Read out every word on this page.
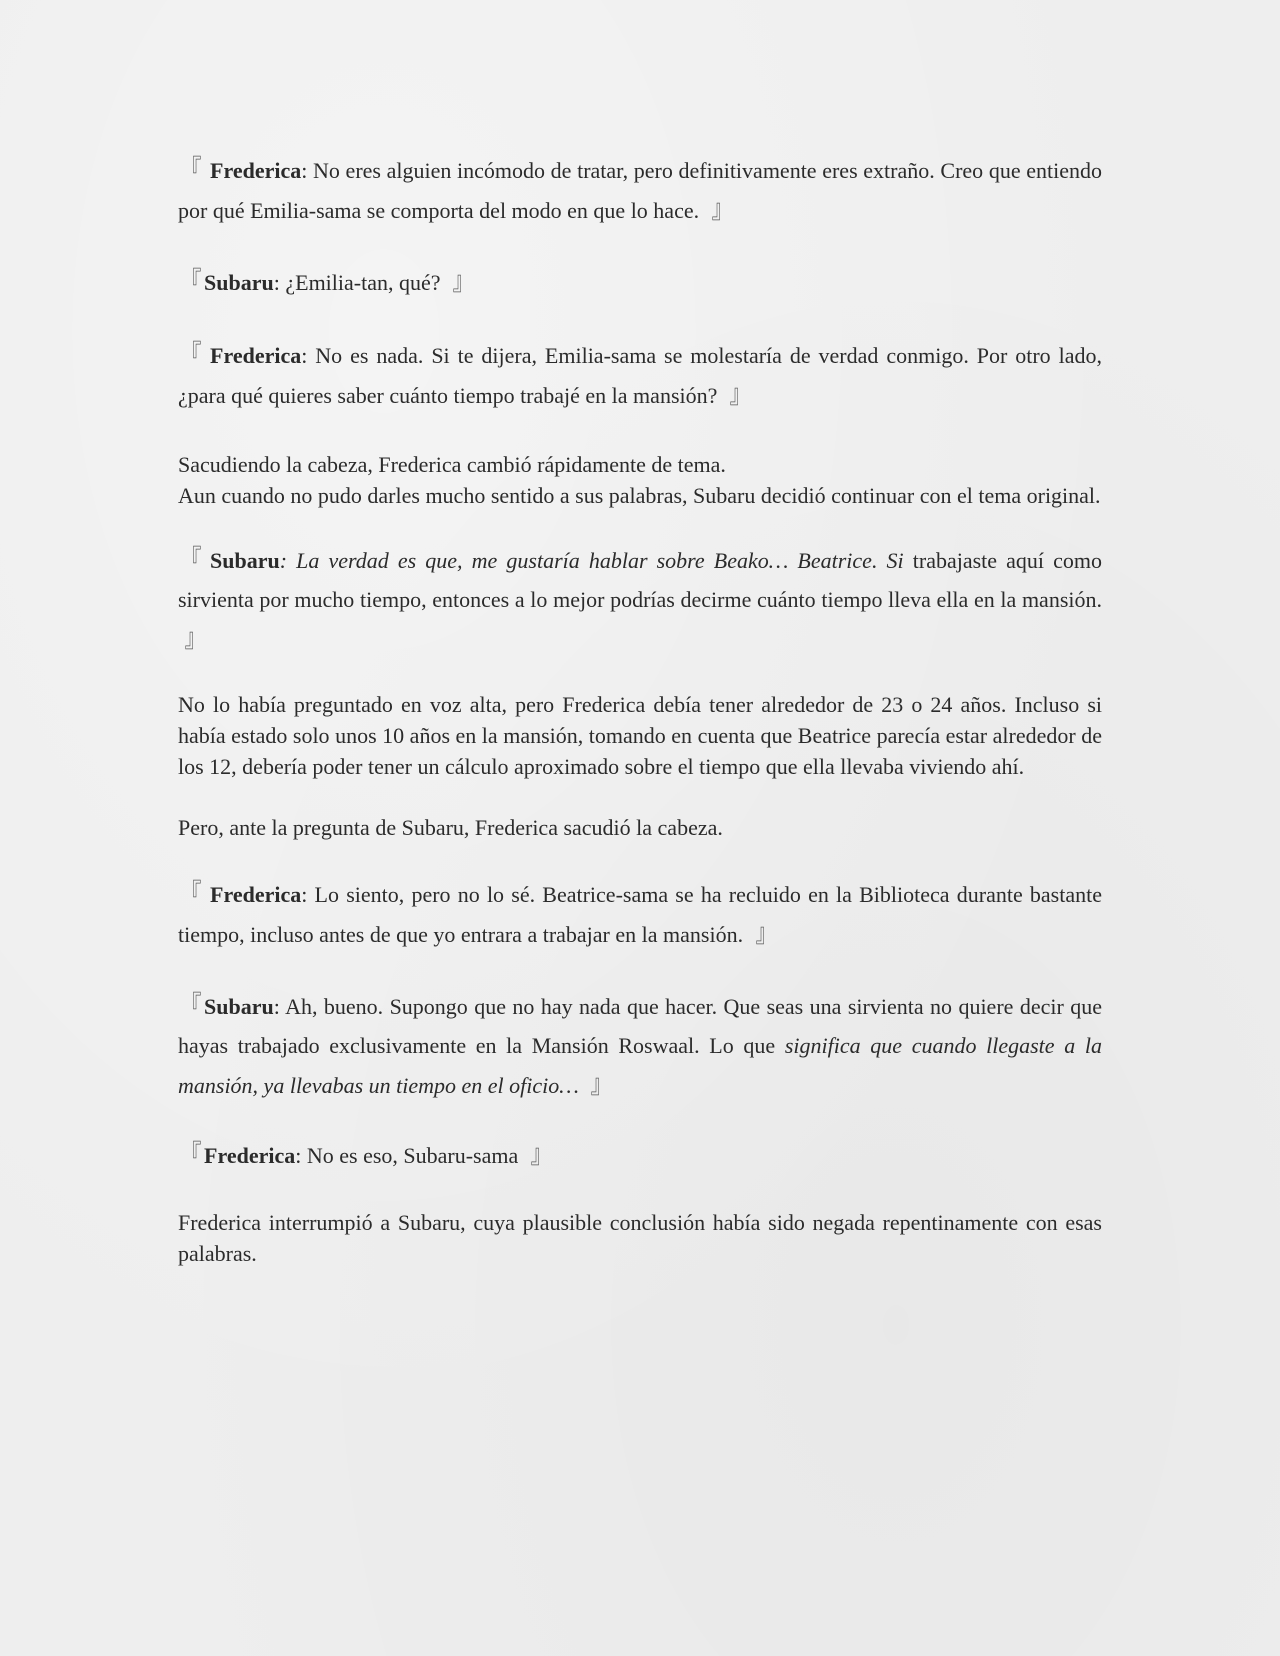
『 Frederica: No eres alguien incómodo de tratar, pero definitivamente eres extraño. Creo que entiendo por qué Emilia-sama se comporta del modo en que lo hace. 』

『 Subaru: ¿Emilia-tan, qué? 』

『 Frederica: No es nada. Si te dijera, Emilia-sama se molestaría de verdad conmigo. Por otro lado, ¿para qué quieres saber cuánto tiempo trabajé en la mansión? 』

Sacudiendo la cabeza, Frederica cambió rápidamente de tema.
Aun cuando no pudo darles mucho sentido a sus palabras, Subaru decidió continuar con el tema original.

『 Subaru: La verdad es que, me gustaría hablar sobre Beako… Beatrice. Si trabajaste aquí como sirvienta por mucho tiempo, entonces a lo mejor podrías decirme cuánto tiempo lleva ella en la mansión. 』

No lo había preguntado en voz alta, pero Frederica debía tener alrededor de 23 o 24 años. Incluso si había estado solo unos 10 años en la mansión, tomando en cuenta que Beatrice parecía estar alrededor de los 12, debería poder tener un cálculo aproximado sobre el tiempo que ella llevaba viviendo ahí.

Pero, ante la pregunta de Subaru, Frederica sacudió la cabeza.

『 Frederica: Lo siento, pero no lo sé. Beatrice-sama se ha recluido en la Biblioteca durante bastante tiempo, incluso antes de que yo entrara a trabajar en la mansión. 』

『 Subaru: Ah, bueno. Supongo que no hay nada que hacer. Que seas una sirvienta no quiere decir que hayas trabajado exclusivamente en la Mansión Roswaal. Lo que significa que cuando llegaste a la mansión, ya llevabas un tiempo en el oficio… 』

『 Frederica: No es eso, Subaru-sama 』

Frederica interrumpió a Subaru, cuya plausible conclusión había sido negada repentinamente con esas palabras.
